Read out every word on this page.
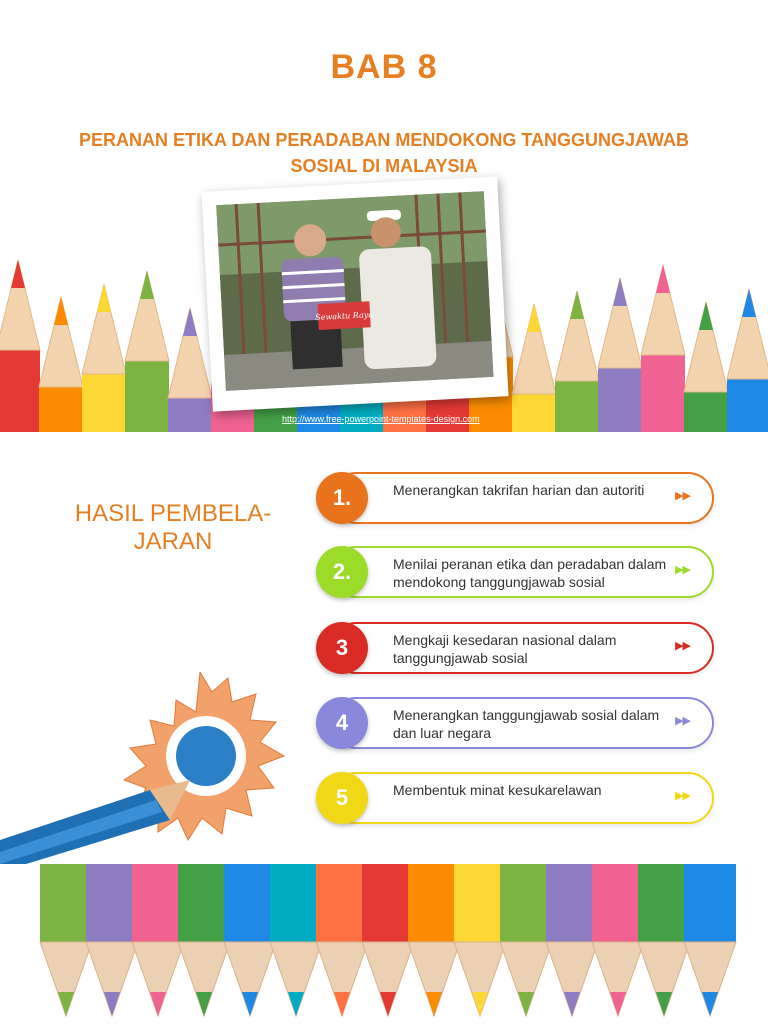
BAB 8
PERANAN ETIKA DAN PERADABAN MENDOKONG TANGGUNGJAWAB
SOSIAL DI MALAYSIA
Sewaktu Raya
http://www.free-powerpoint-templates-design.com
HASIL PEMBELA-
JARAN
1.	Menerangkan takrifan harian dan autoriti	▶▶
2.	Menilai peranan etika dan peradaban dalam mendokong tanggungjawab sosial
▶▶
3	Mengkaji kesedaran nasional dalam tanggungjawab sosial
▶▶
4	Menerangkan tanggungjawab sosial dalam dan luar negara
▶▶
5	Membentuk minat kesukarelawan	▶▶
